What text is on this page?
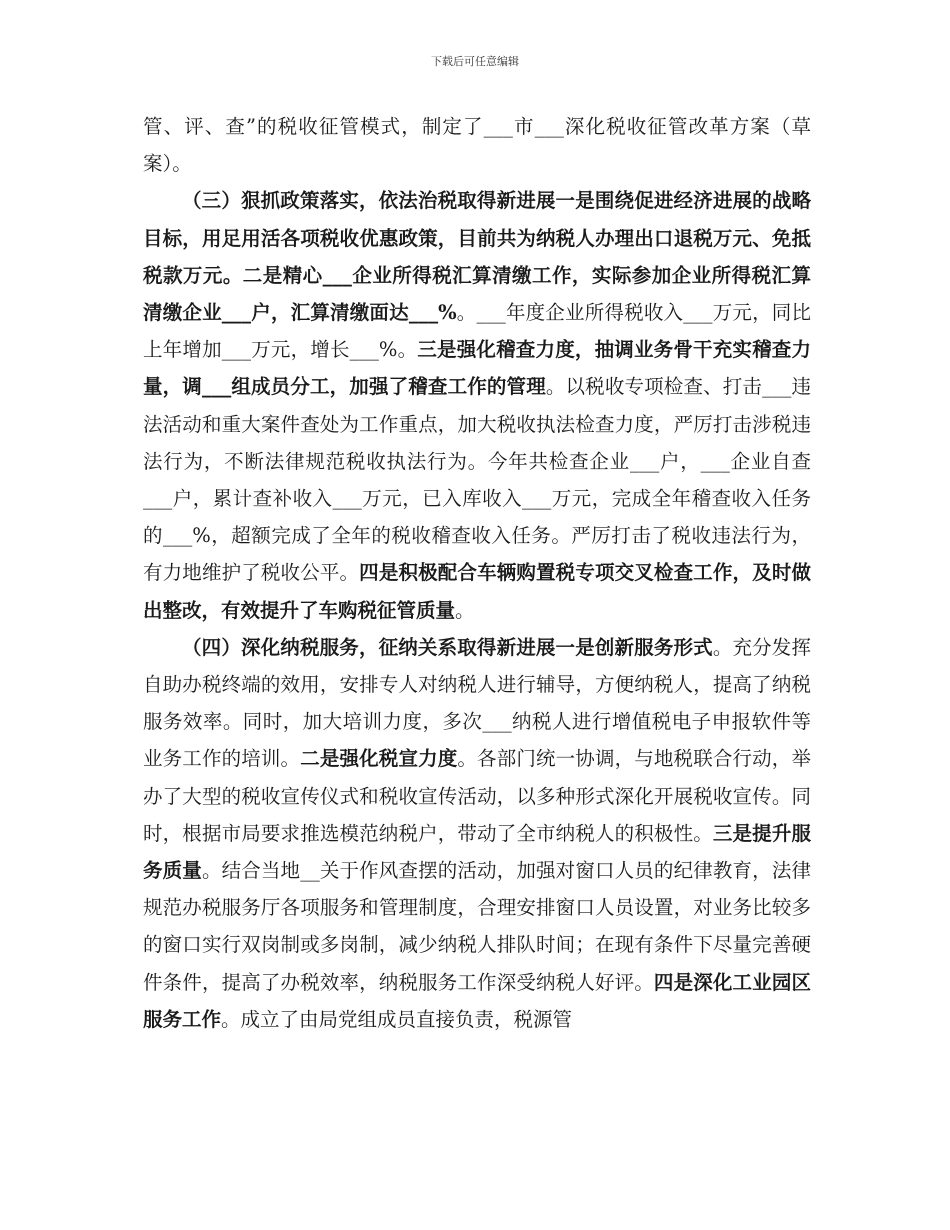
下载后可任意编辑

管、评、查”的税收征管模式，制定了___市___深化税收征管改革方案（草案）。

（三）狠抓政策落实，依法治税取得新进展一是围绕促进经济进展的战略目标，用足用活各项税收优惠政策，目前共为纳税人办理出口退税万元、免抵税款万元。二是精心___企业所得税汇算清缴工作，实际参加企业所得税汇算清缴企业___户，汇算清缴面达___%。___年度企业所得税收入___万元，同比上年增加___万元，增长___%。三是强化稽查力度，抽调业务骨干充实稽查力量，调___组成员分工，加强了稽查工作的管理。以税收专项检查、打击___违法活动和重大案件查处为工作重点，加大税收执法检查力度，严厉打击涉税违法行为，不断法律规范税收执法行为。今年共检查企业___户，___企业自查___户，累计查补收入___万元，已入库收入___万元，完成全年稽查收入任务的___%，超额完成了全年的税收稽查收入任务。严厉打击了税收违法行为，有力地维护了税收公平。四是积极配合车辆购置税专项交叉检查工作，及时做出整改，有效提升了车购税征管质量。

（四）深化纳税服务，征纳关系取得新进展一是创新服务形式。充分发挥自助办税终端的效用，安排专人对纳税人进行辅导，方便纳税人，提高了纳税服务效率。同时，加大培训力度，多次___纳税人进行增值税电子申报软件等业务工作的培训。二是强化税宣力度。各部门统一协调，与地税联合行动，举办了大型的税收宣传仪式和税收宣传活动，以多种形式深化开展税收宣传。同时，根据市局要求推选模范纳税户，带动了全市纳税人的积极性。三是提升服务质量。结合当地__关于作风查摆的活动，加强对窗口人员的纪律教育，法律规范办税服务厅各项服务和管理制度，合理安排窗口人员设置，对业务比较多的窗口实行双岗制或多岗制，减少纳税人排队时间；在现有条件下尽量完善硬件条件，提高了办税效率，纳税服务工作深受纳税人好评。四是深化工业园区服务工作。成立了由局党组成员直接负责，税源管
